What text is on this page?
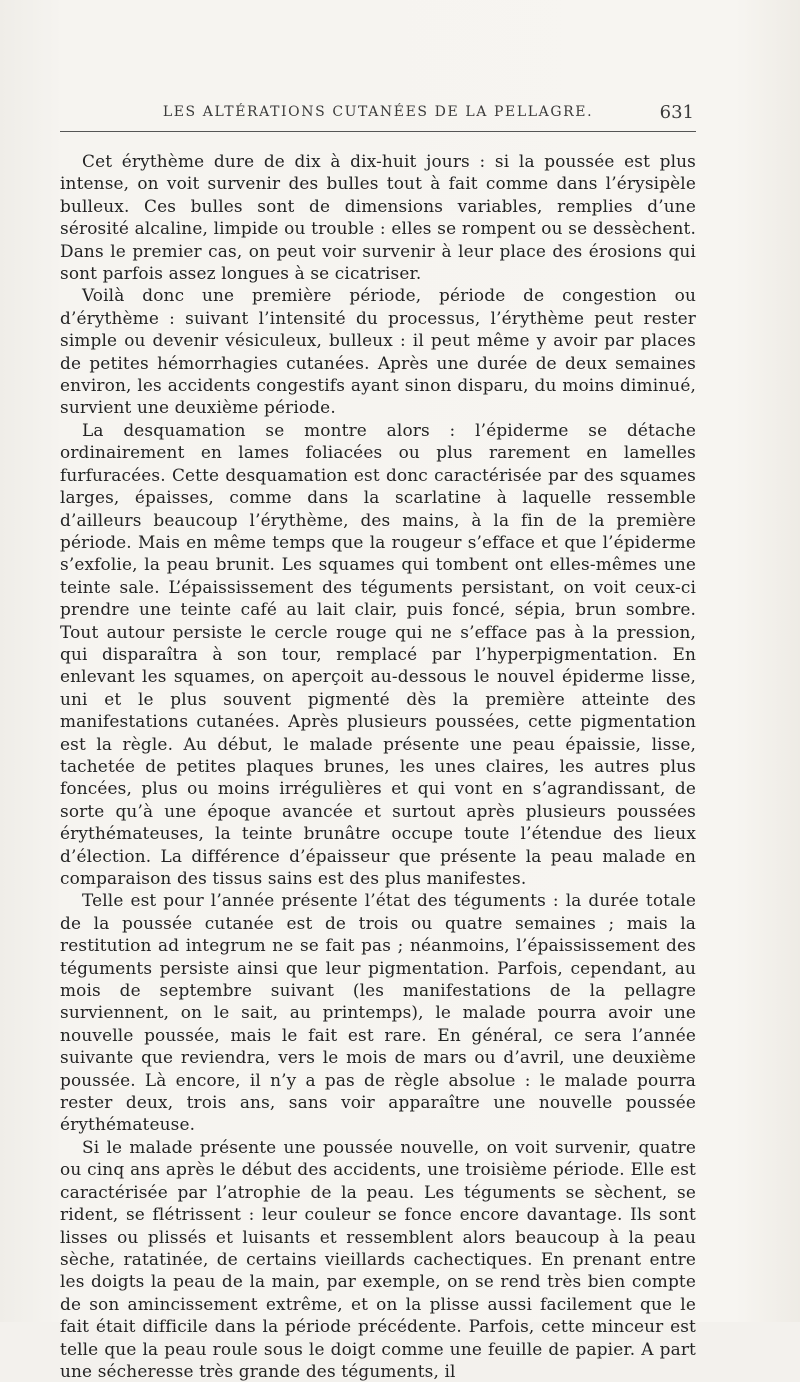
LES ALTÉRATIONS CUTANÉES DE LA PELLAGRE.	631

Cet érythème dure de dix à dix-huit jours : si la poussée est plus intense, on voit survenir des bulles tout à fait comme dans l’érysipèle bulleux. Ces bulles sont de dimensions variables, remplies d’une sérosité alcaline, limpide ou trouble : elles se rompent ou se dessèchent. Dans le premier cas, on peut voir survenir à leur place des érosions qui sont parfois assez longues à se cicatriser.

Voilà donc une première période, période de congestion ou d’érythème : suivant l’intensité du processus, l’érythème peut rester simple ou devenir vésiculeux, bulleux : il peut même y avoir par places de petites hémorrhagies cutanées. Après une durée de deux semaines environ, les accidents congestifs ayant sinon disparu, du moins diminué, survient une deuxième période.

La desquamation se montre alors : l’épiderme se détache ordinairement en lames foliacées ou plus rarement en lamelles furfuracées. Cette desquamation est donc caractérisée par des squames larges, épaisses, comme dans la scarlatine à laquelle ressemble d’ailleurs beaucoup l’érythème, des mains, à la fin de la première période. Mais en même temps que la rougeur s’efface et que l’épiderme s’exfolie, la peau brunit. Les squames qui tombent ont elles-mêmes une teinte sale. L’épaississement des téguments persistant, on voit ceux-ci prendre une teinte café au lait clair, puis foncé, sépia, brun sombre. Tout autour persiste le cercle rouge qui ne s’efface pas à la pression, qui disparaîtra à son tour, remplacé par l’hyperpigmentation. En enlevant les squames, on aperçoit au-dessous le nouvel épiderme lisse, uni et le plus souvent pigmenté dès la première atteinte des manifestations cutanées. Après plusieurs poussées, cette pigmentation est la règle. Au début, le malade présente une peau épaissie, lisse, tachetée de petites plaques brunes, les unes claires, les autres plus foncées, plus ou moins irrégulières et qui vont en s’agrandissant, de sorte qu’à une époque avancée et surtout après plusieurs poussées érythémateuses, la teinte brunâtre occupe toute l’étendue des lieux d’élection. La différence d’épaisseur que présente la peau malade en comparaison des tissus sains est des plus manifestes.

Telle est pour l’année présente l’état des téguments : la durée totale de la poussée cutanée est de trois ou quatre semaines ; mais la restitution ad integrum ne se fait pas ; néanmoins, l’épaississement des téguments persiste ainsi que leur pigmentation. Parfois, cependant, au mois de septembre suivant (les manifestations de la pellagre surviennent, on le sait, au printemps), le malade pourra avoir une nouvelle poussée, mais le fait est rare. En général, ce sera l’année suivante que reviendra, vers le mois de mars ou d’avril, une deuxième poussée. Là encore, il n’y a pas de règle absolue : le malade pourra rester deux, trois ans, sans voir apparaître une nouvelle poussée érythémateuse.

Si le malade présente une poussée nouvelle, on voit survenir, quatre ou cinq ans après le début des accidents, une troisième période. Elle est caractérisée par l’atrophie de la peau. Les téguments se sèchent, se rident, se flétrissent : leur couleur se fonce encore davantage. Ils sont lisses ou plissés et luisants et ressemblent alors beaucoup à la peau sèche, ratatinée, de certains vieillards cachectiques. En prenant entre les doigts la peau de la main, par exemple, on se rend très bien compte de son amincissement extrême, et on la plisse aussi facilement que le fait était difficile dans la période précédente. Parfois, cette minceur est telle que la peau roule sous le doigt comme une feuille de papier. A part une sécheresse très grande des téguments, il
